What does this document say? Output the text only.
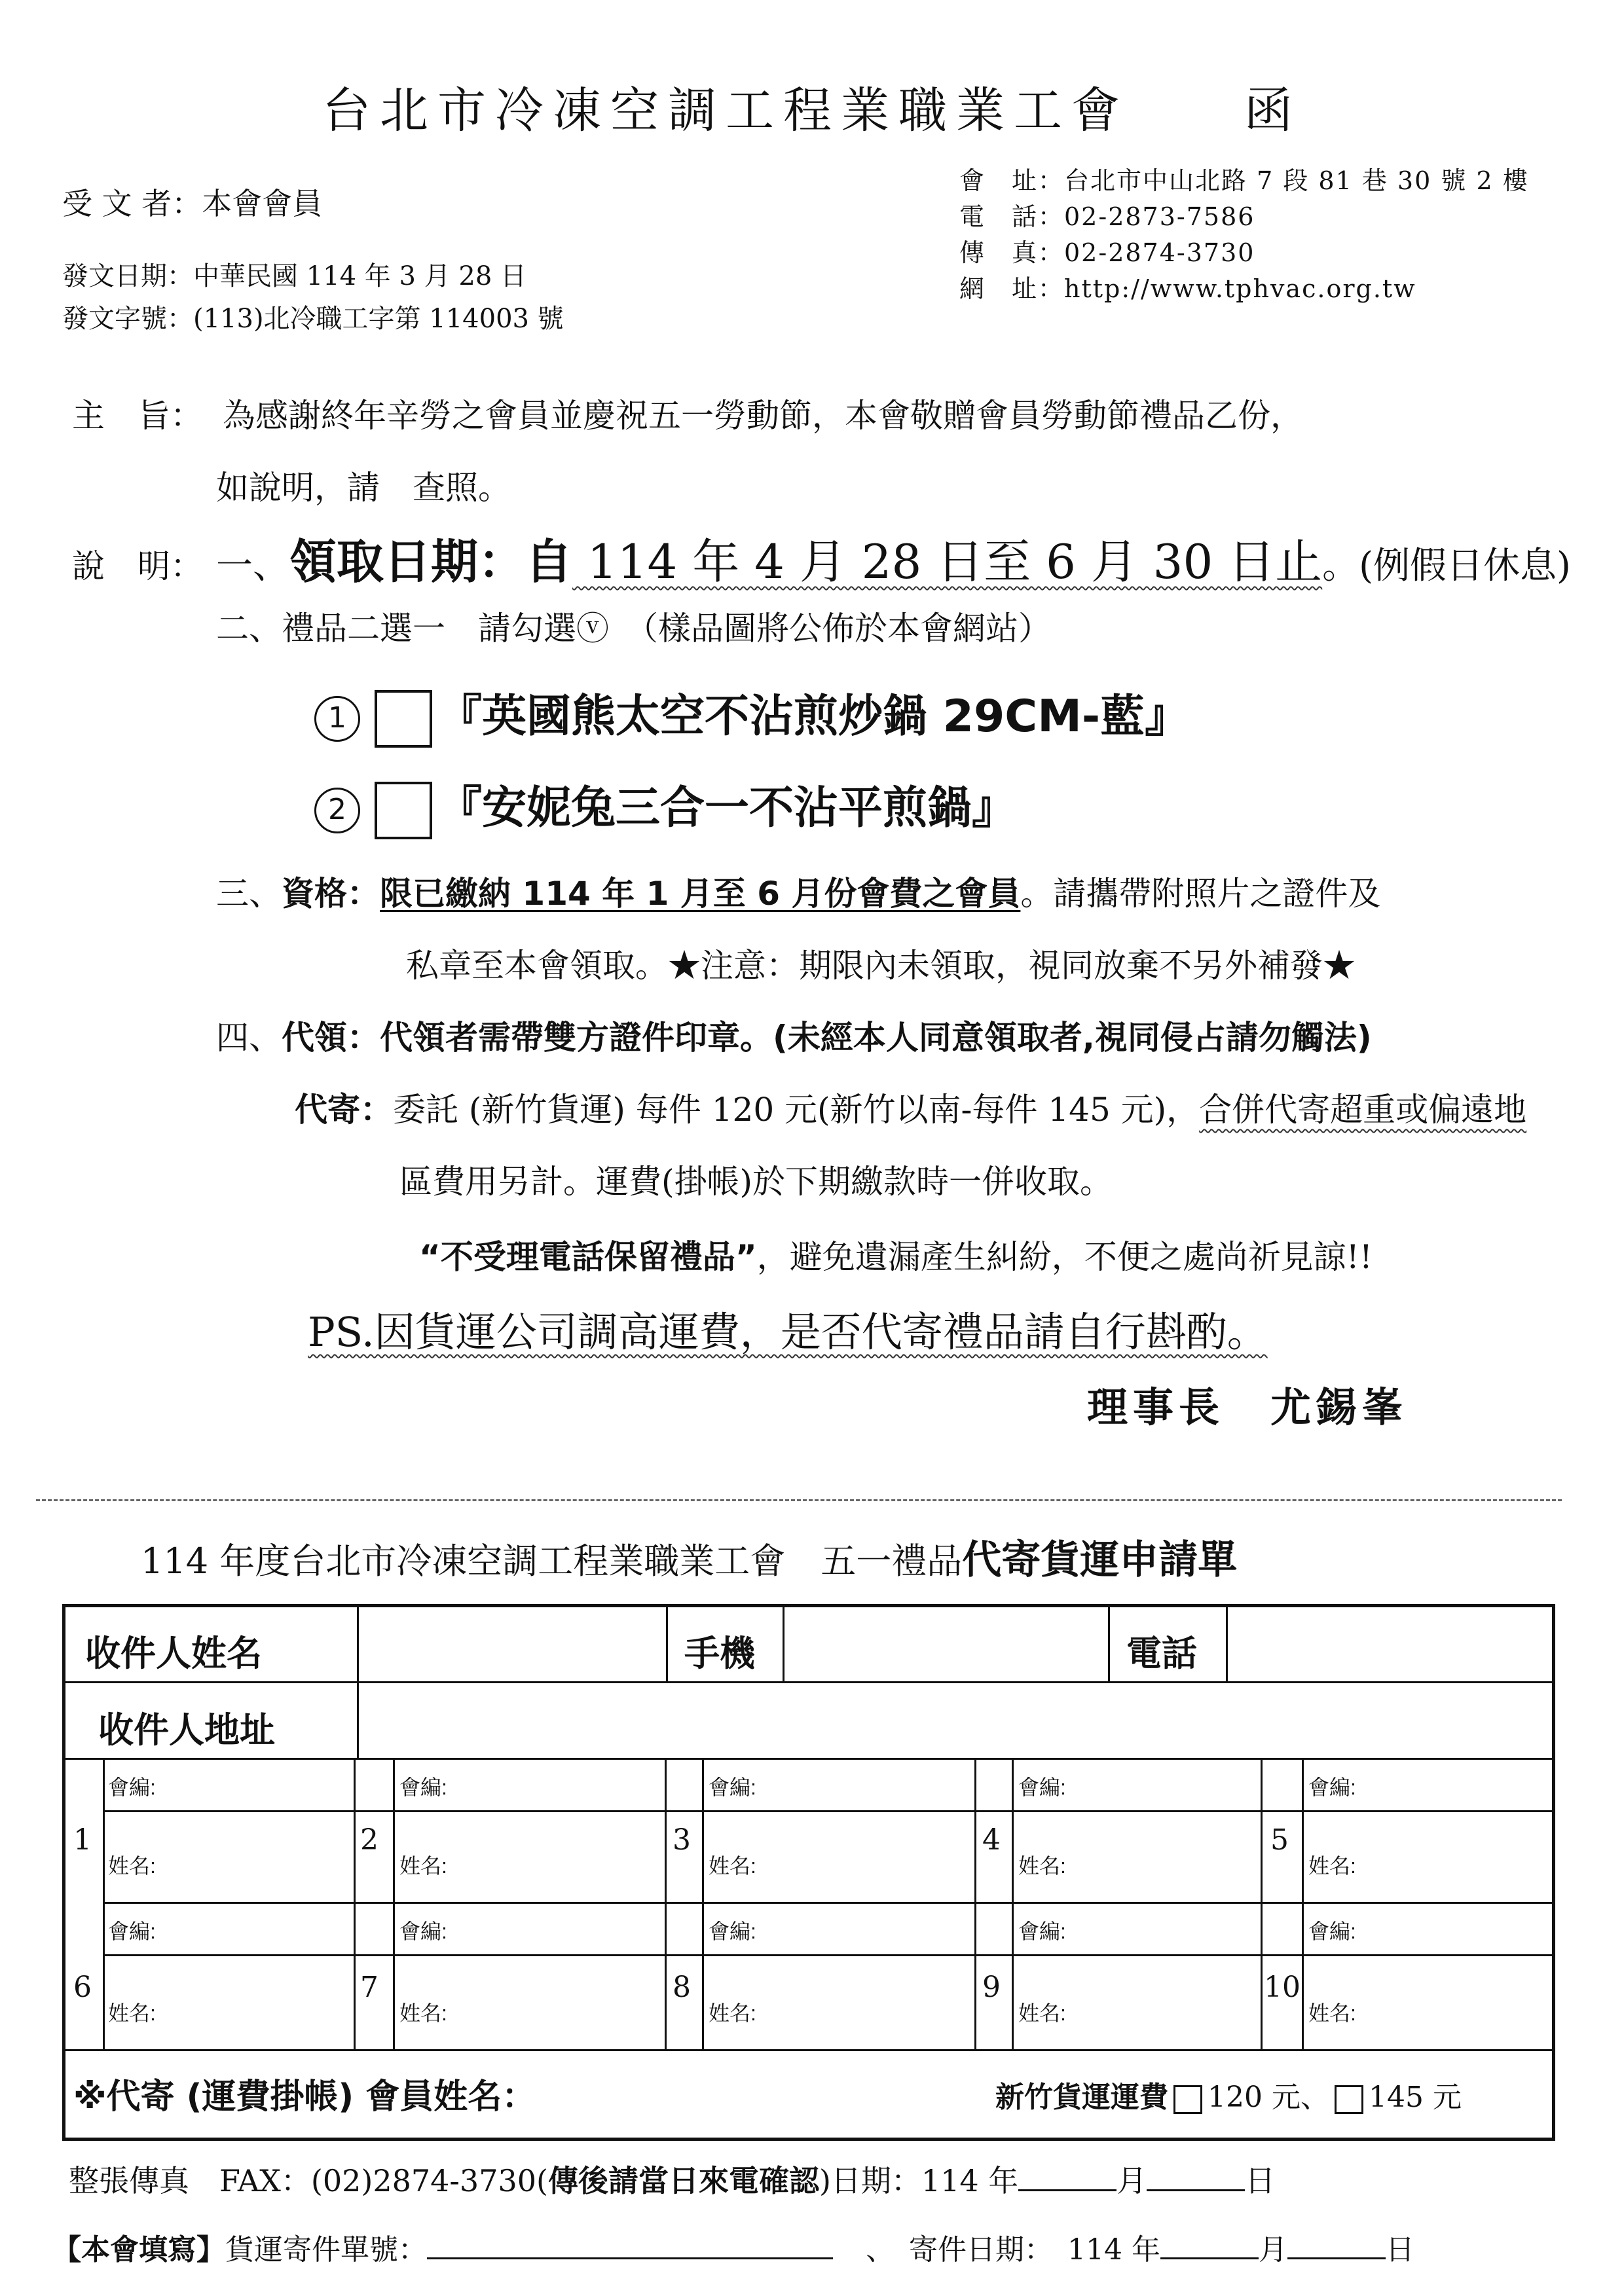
台北市冷凍空調工程業職業工會　　函
受 文 者：本會會員
發文日期：中華民國 114 年 3 月 28 日
發文字號：(113)北冷職工字第 114003 號
會　址：台北市中山北路 7 段 81 巷 30 號 2 樓
電　話：02-2873-7586
傳　真：02-2874-3730
網　址：http://www.tphvac.org.tw
主　旨： 為感謝終年辛勞之會員並慶祝五一勞動節，本會敬贈會員勞動節禮品乙份，
如說明，請　查照。
說　明： 一、領取日期：自 114 年 4 月 28 日至 6 月 30 日止。(例假日休息)
二、禮品二選一　請勾選ⓥ　（樣品圖將公佈於本會網站）
1 『英國熊太空不沾煎炒鍋 29CM-藍』
2 『安妮兔三合一不沾平煎鍋』
三、資格：限已繳納 114 年 1 月至 6 月份會費之會員。請攜帶附照片之證件及
私章至本會領取。★注意：期限內未領取，視同放棄不另外補發★
四、代領：代領者需帶雙方證件印章。(未經本人同意領取者,視同侵占請勿觸法)
代寄：委託 (新竹貨運) 每件 120 元(新竹以南-每件 145 元)，合併代寄超重或偏遠地
區費用另計。運費(掛帳)於下期繳款時一併收取。
“不受理電話保留禮品”，避免遺漏產生糾紛，不便之處尚祈見諒!!
PS.因貨運公司調高運費，是否代寄禮品請自行斟酌。
理事長　尤錫峯
114 年度台北市冷凍空調工程業職業工會　五一禮品代寄貨運申請單
收件人姓名	手機	電話
收件人地址
1
會編:
姓名:
2
會編:
姓名:
3
會編:
姓名:
4
會編:
姓名:
5
會編:
姓名:
6
會編:
姓名:
7
會編:
姓名:
8
會編:
姓名:
9
會編:
姓名:
10
會編:
姓名:
※代寄 (運費掛帳) 會員姓名：	新竹貨運運費 120 元、 145 元
整張傳真　FAX：(02)2874-3730(傳後請當日來電確認)日期：114 年	月	日
【本會填寫】貨運寄件單號：	、　寄件日期：　114 年	月	日
